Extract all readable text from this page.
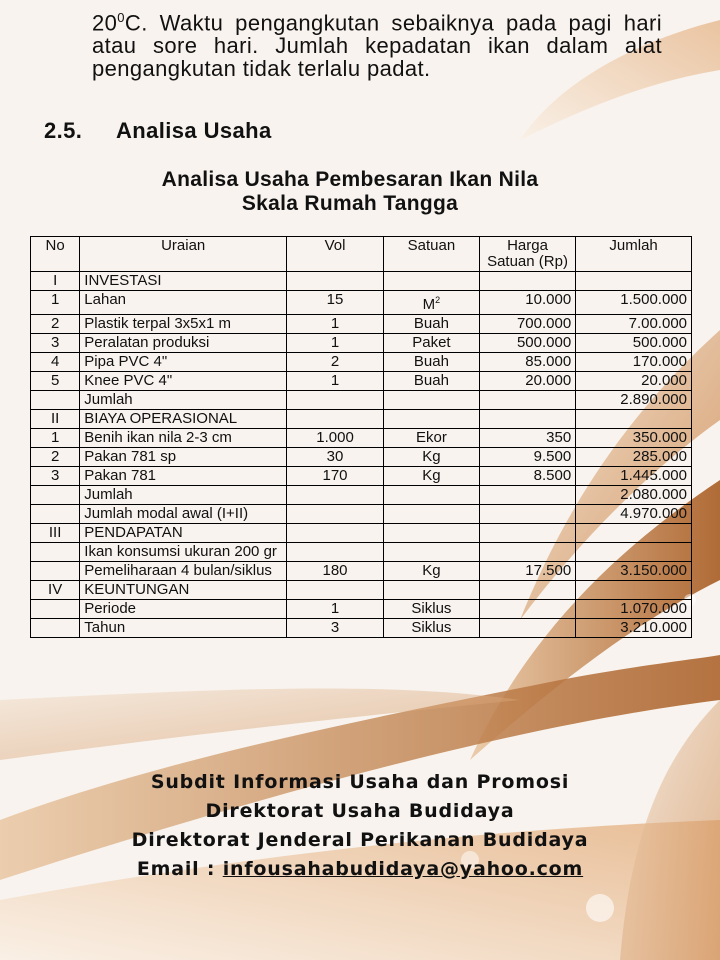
$20^0C$. Waktu pengangkutan sebaiknya pada pagi hari atau sore hari. Jumlah kepadatan ikan dalam alat pengangkutan tidak terlalu padat.
2.5. Analisa Usaha
Analisa Usaha Pembesaran Ikan Nila
Skala Rumah Tangga
No	Uraian	Vol	Satuan	Harga Satuan (Rp)	Jumlah
I	INVESTASI				
1	Lahan	15	$M^2$	10.000	1.500.000
2	Plastik terpal 3x5x1 m	1	Buah	700.000	7.00.000
3	Peralatan produksi	1	Paket	500.000	500.000
4	Pipa PVC 4"	2	Buah	85.000	170.000
5	Knee PVC 4"	1	Buah	20.000	20.000
	Jumlah				2.890.000
II	BIAYA OPERASIONAL				
1	Benih ikan nila 2-3 cm	1.000	Ekor	350	350.000
2	Pakan 781 sp	30	Kg	9.500	285.000
3	Pakan 781	170	Kg	8.500	1.445.000
	Jumlah				2.080.000
	Jumlah modal awal (I+II)				4.970.000
III	PENDAPATAN				
	Ikan konsumsi ukuran 200 gr				
	Pemeliharaan 4 bulan/siklus	180	Kg	17.500	3.150.000
IV	KEUNTUNGAN				
	Periode	1	Siklus		1.070.000
	Tahun	3	Siklus		3.210.000
Subdit Informasi Usaha dan Promosi
Direktorat Usaha Budidaya
Direktorat Jenderal Perikanan Budidaya
Email : infousahabudidaya@yahoo.com
